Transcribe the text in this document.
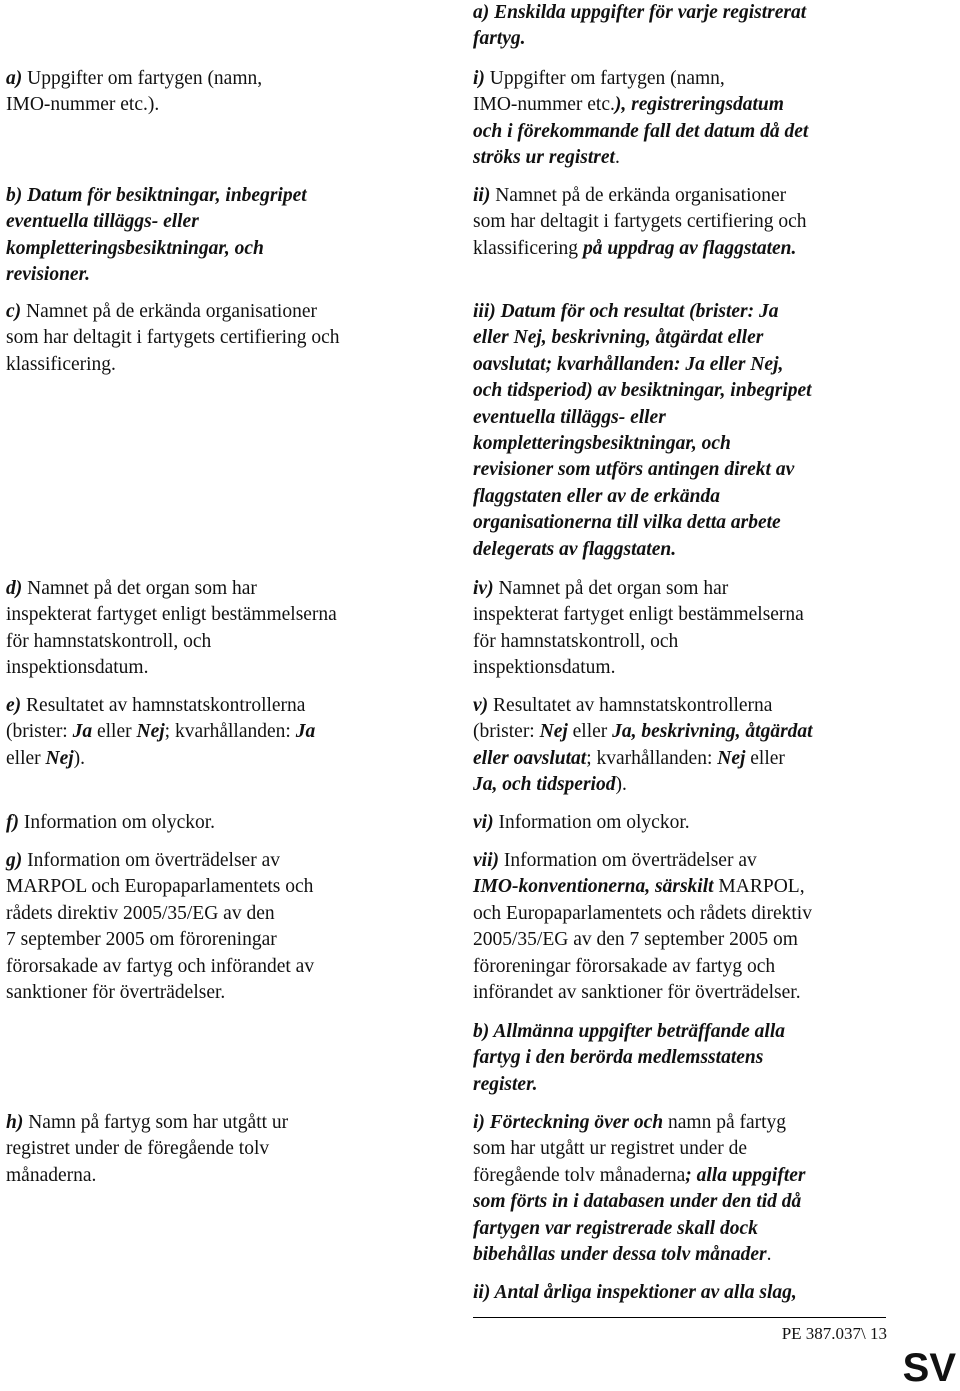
a) Uppgifter om fartygen (namn,
IMO-nummer etc.).
b) Datum för besiktningar, inbegripet
eventuella tilläggs- eller
kompletteringsbesiktningar, och
revisioner.
c) Namnet på de erkända organisationer
som har deltagit i fartygets certifiering och
klassificering.
d) Namnet på det organ som har
inspekterat fartyget enligt bestämmelserna
för hamnstatskontroll, och
inspektionsdatum.
e) Resultatet av hamnstatskontrollerna
(brister: Ja eller Nej; kvarhållanden: Ja
eller Nej).
f) Information om olyckor.
g) Information om överträdelser av
MARPOL och Europaparlamentets och
rådets direktiv 2005/35/EG av den
7 september 2005 om föroreningar
förorsakade av fartyg och införandet av
sanktioner för överträdelser.
h) Namn på fartyg som har utgått ur
registret under de föregående tolv
månaderna.
a) Enskilda uppgifter för varje registrerat
fartyg.
i) Uppgifter om fartygen (namn,
IMO-nummer etc.), registreringsdatum
och i förekommande fall det datum då det
ströks ur registret.
ii) Namnet på de erkända organisationer
som har deltagit i fartygets certifiering och
klassificering på uppdrag av flaggstaten.
iii) Datum för och resultat (brister: Ja
eller Nej, beskrivning, åtgärdat eller
oavslutat; kvarhållanden: Ja eller Nej,
och tidsperiod) av besiktningar, inbegripet
eventuella tilläggs- eller
kompletteringsbesiktningar, och
revisioner som utförs antingen direkt av
flaggstaten eller av de erkända
organisationerna till vilka detta arbete
delegerats av flaggstaten.
iv) Namnet på det organ som har
inspekterat fartyget enligt bestämmelserna
för hamnstatskontroll, och
inspektionsdatum.
v) Resultatet av hamnstatskontrollerna
(brister: Nej eller Ja, beskrivning, åtgärdat
eller oavslutat; kvarhållanden: Nej eller
Ja, och tidsperiod).
vi) Information om olyckor.
vii) Information om överträdelser av
IMO-konventionerna, särskilt MARPOL,
och Europaparlamentets och rådets direktiv
2005/35/EG av den 7 september 2005 om
föroreningar förorsakade av fartyg och
införandet av sanktioner för överträdelser.
b) Allmänna uppgifter beträffande alla
fartyg i den berörda medlemsstatens
register.
i) Förteckning över och namn på fartyg
som har utgått ur registret under de
föregående tolv månaderna; alla uppgifter
som förts in i databasen under den tid då
fartygen var registrerade skall dock
bibehållas under dessa tolv månader.
ii) Antal årliga inspektioner av alla slag,
PE 387.037\ 13
SV
